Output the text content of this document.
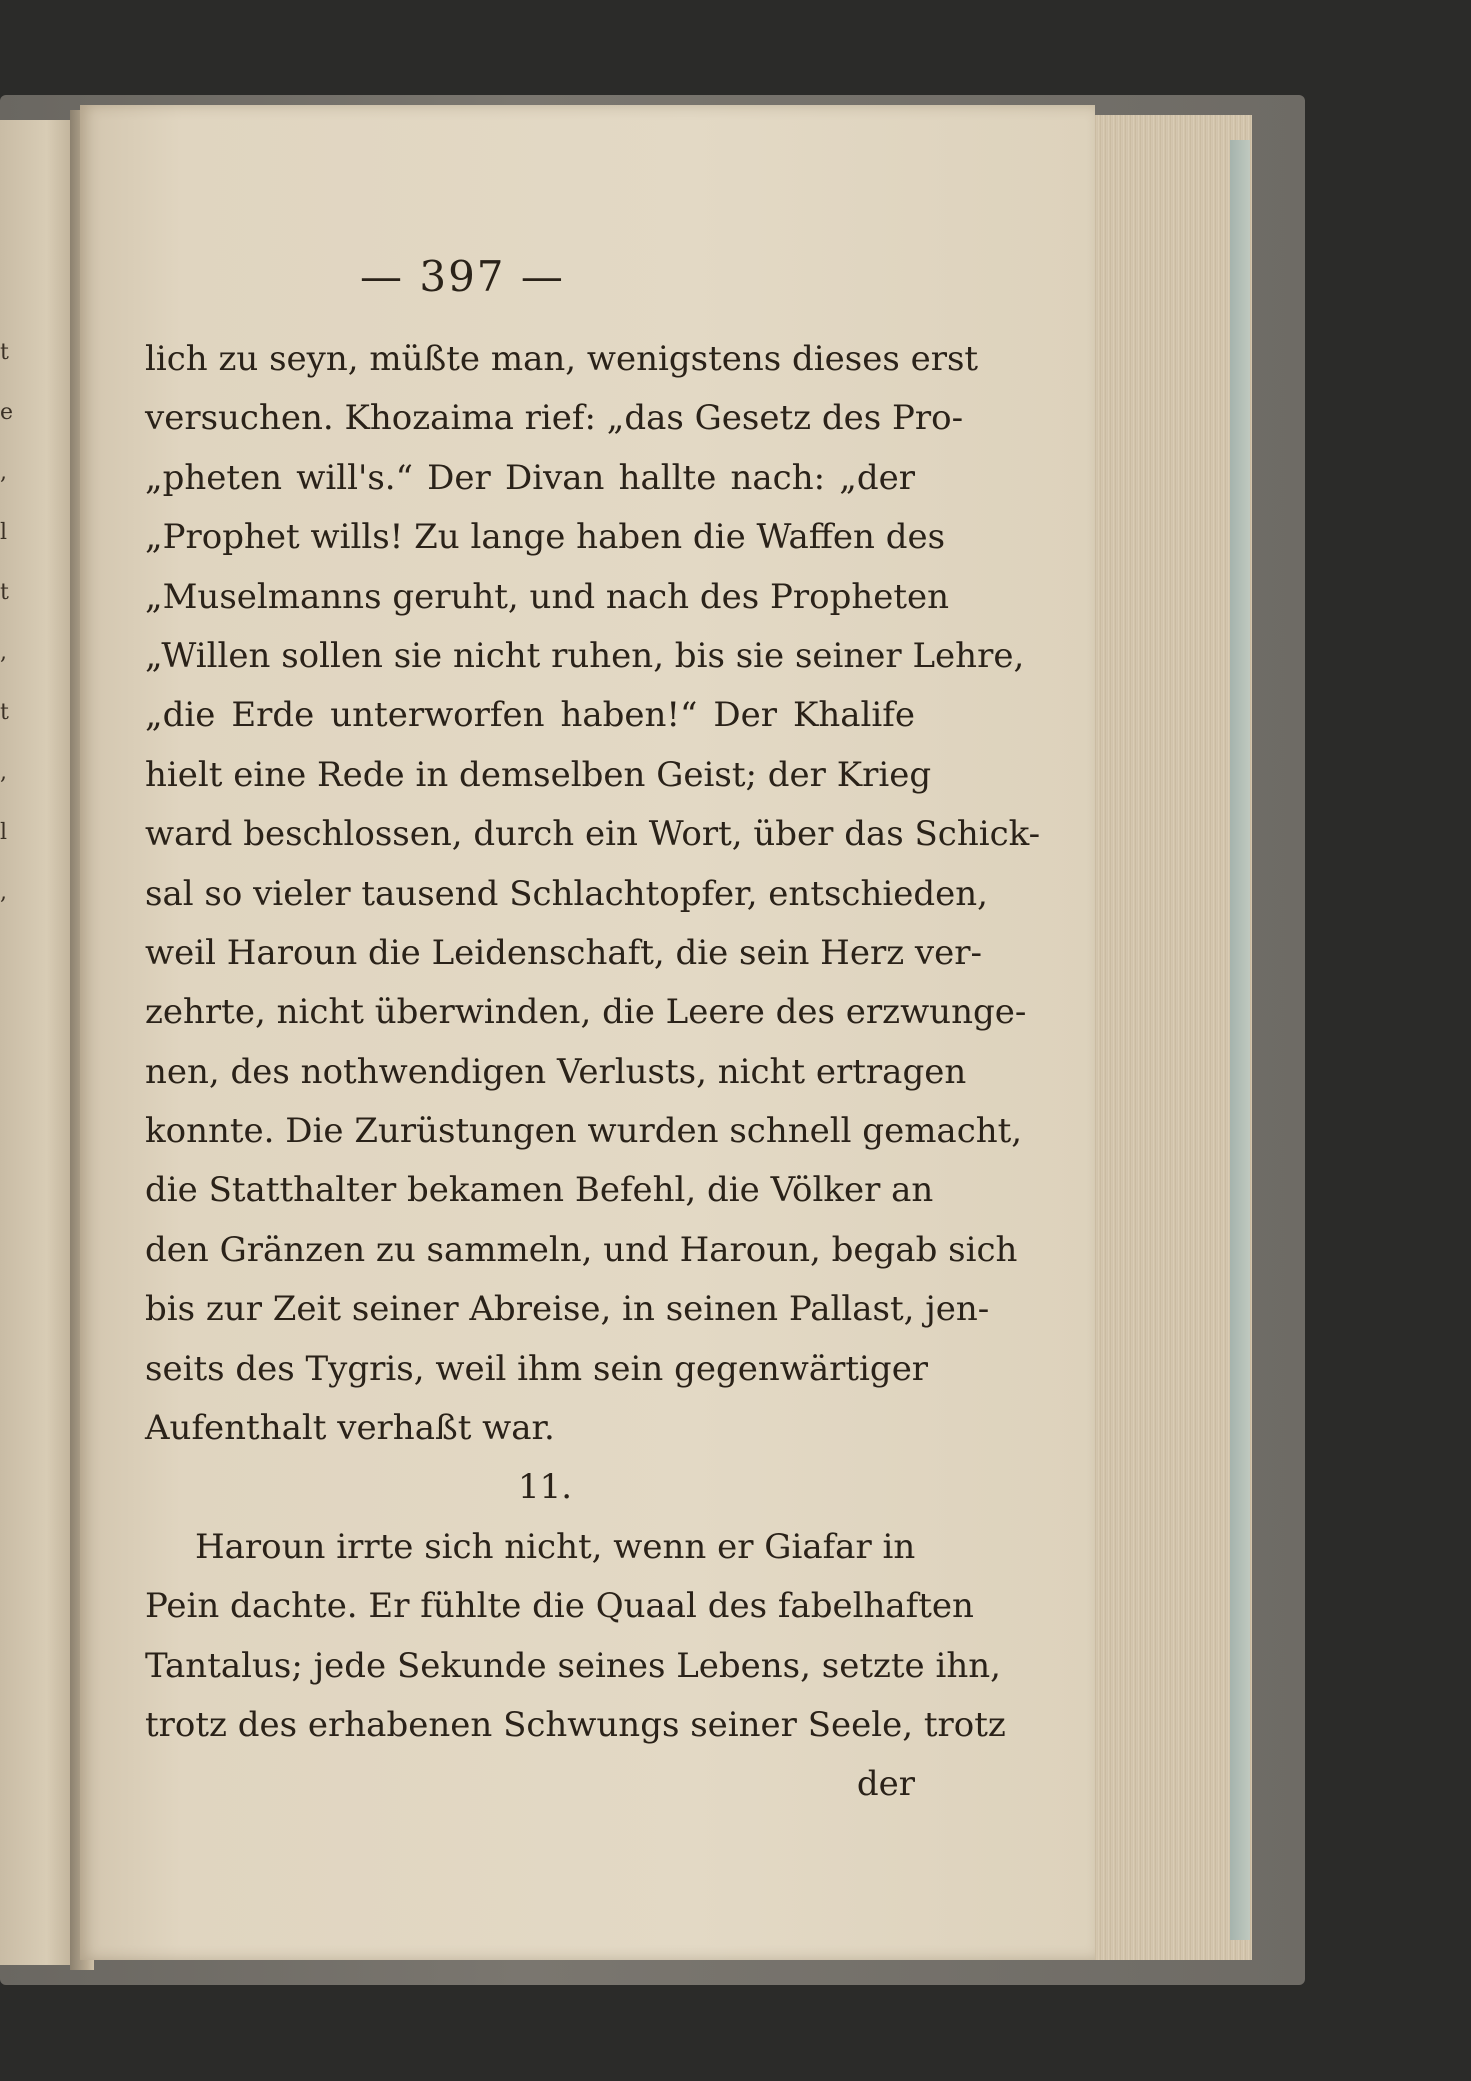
t
e
,
l
t
,
t
,
l
,
— 397 —
lich zu seyn, müßte man, wenigstens dieses erst
versuchen. Khozaima rief: „das Gesetz des Pro-
„pheten will's.“ Der Divan hallte nach: „der
„Prophet wills! Zu lange haben die Waffen des
„Muselmanns geruht, und nach des Propheten
„Willen sollen sie nicht ruhen, bis sie seiner Lehre,
„die Erde unterworfen haben!“ Der Khalife
hielt eine Rede in demselben Geist; der Krieg
ward beschlossen, durch ein Wort, über das Schick-
sal so vieler tausend Schlachtopfer, entschieden,
weil Haroun die Leidenschaft, die sein Herz ver-
zehrte, nicht überwinden, die Leere des erzwunge-
nen, des nothwendigen Verlusts, nicht ertragen
konnte. Die Zurüstungen wurden schnell gemacht,
die Statthalter bekamen Befehl, die Völker an
den Gränzen zu sammeln, und Haroun, begab sich
bis zur Zeit seiner Abreise, in seinen Pallast, jen-
seits des Tygris, weil ihm sein gegenwärtiger
Aufenthalt verhaßt war.
11.
Haroun irrte sich nicht, wenn er Giafar in
Pein dachte. Er fühlte die Quaal des fabelhaften
Tantalus; jede Sekunde seines Lebens, setzte ihn,
trotz des erhabenen Schwungs seiner Seele, trotz
der
